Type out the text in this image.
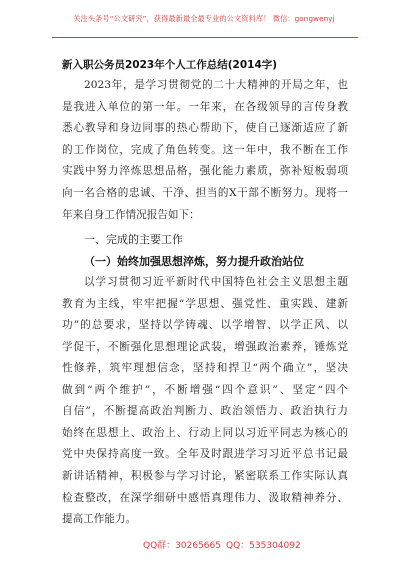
关注头条号“公文研究”，获得最新最全最专业的公文资料库！ 微信：gongwenyj
新入职公务员2023年个人工作总结(2014字)
2023年，是学习贯彻党的二十大精神的开局之年，也
是我进入单位的第一年。一年来，在各级领导的言传身教
悉心教导和身边同事的热心帮助下，使自己逐渐适应了新
的工作岗位，完成了角色转变。这一年中，我不断在工作
实践中努力淬炼思想品格，强化能力素质，弥补短板弱项
向一名合格的忠诚、干净、担当的X干部不断努力。现将一
年来自身工作情况报告如下：
一、完成的主要工作
（一）始终加强思想淬炼，努力提升政治站位
以学习贯彻习近平新时代中国特色社会主义思想主题
教育为主线，牢牢把握“学思想、强党性、重实践、建新
功”的总要求，坚持以学铸魂、以学增智、以学正风、以
学促干，不断强化思想理论武装，增强政治素养，锤炼党
性修养，筑牢理想信念，坚持和捍卫“两个确立”，坚决
做到“两个维护”，不断增强“四个意识”、坚定“四个
自信”，不断提高政治判断力、政治领悟力、政治执行力
始终在思想上、政治上、行动上同以习近平同志为核心的
党中央保持高度一致。全年及时跟进学习习近平总书记最
新讲话精神，积极参与学习讨论，紧密联系工作实际认真
检查整改，在深学细研中感悟真理伟力、汲取精神养分、
提高工作能力。
QQ群：30265665 QQ：535304092
